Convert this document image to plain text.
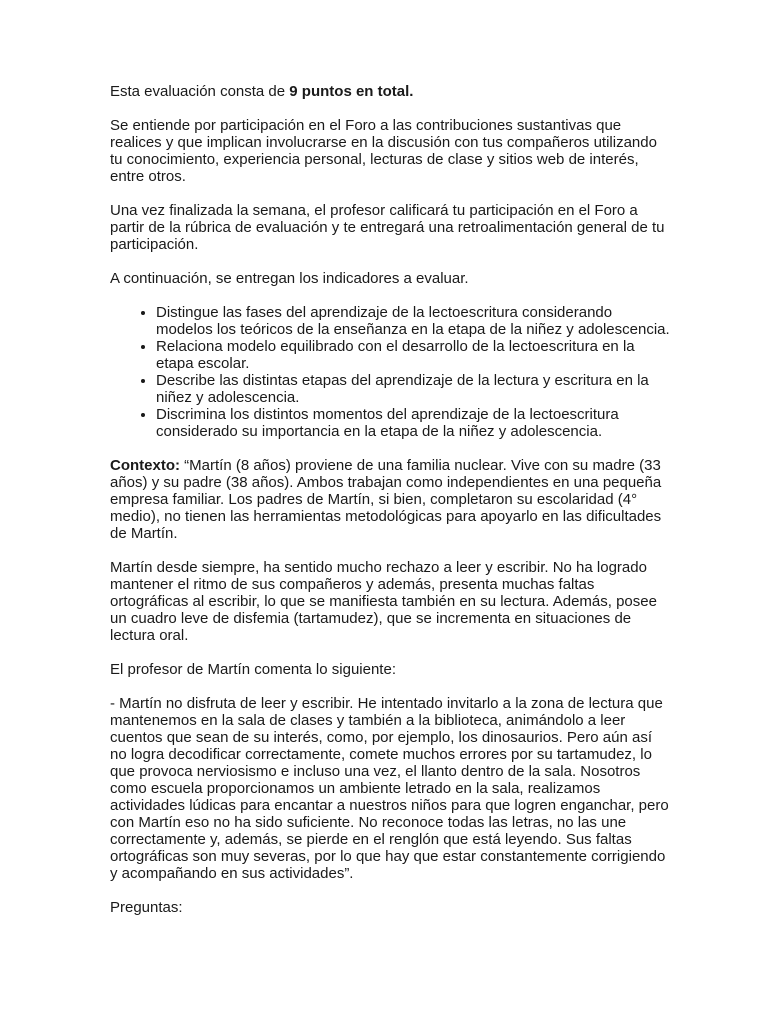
Esta evaluación consta de 9 puntos en total.

Se entiende por participación en el Foro a las contribuciones sustantivas que realices y que implican involucrarse en la discusión con tus compañeros utilizando tu conocimiento, experiencia personal, lecturas de clase y sitios web de interés, entre otros.

Una vez finalizada la semana, el profesor calificará tu participación en el Foro a partir de la rúbrica de evaluación y te entregará una retroalimentación general de tu participación.

A continuación, se entregan los indicadores a evaluar.

• Distingue las fases del aprendizaje de la lectoescritura considerando modelos los teóricos de la enseñanza en la etapa de la niñez y adolescencia.
• Relaciona modelo equilibrado con el desarrollo de la lectoescritura en la etapa escolar.
• Describe las distintas etapas del aprendizaje de la lectura y escritura en la niñez y adolescencia.
• Discrimina los distintos momentos del aprendizaje de la lectoescritura considerado su importancia en la etapa de la niñez y adolescencia.

Contexto: “Martín (8 años) proviene de una familia nuclear. Vive con su madre (33 años) y su padre (38 años). Ambos trabajan como independientes en una pequeña empresa familiar. Los padres de Martín, si bien, completaron su escolaridad (4° medio), no tienen las herramientas metodológicas para apoyarlo en las dificultades de Martín.

Martín desde siempre, ha sentido mucho rechazo a leer y escribir. No ha logrado mantener el ritmo de sus compañeros y además, presenta muchas faltas ortográficas al escribir, lo que se manifiesta también en su lectura. Además, posee un cuadro leve de disfemia (tartamudez), que se incrementa en situaciones de lectura oral.

El profesor de Martín comenta lo siguiente:

- Martín no disfruta de leer y escribir. He intentado invitarlo a la zona de lectura que mantenemos en la sala de clases y también a la biblioteca, animándolo a leer cuentos que sean de su interés, como, por ejemplo, los dinosaurios. Pero aún así no logra decodificar correctamente, comete muchos errores por su tartamudez, lo que provoca nerviosismo e incluso una vez, el llanto dentro de la sala. Nosotros como escuela proporcionamos un ambiente letrado en la sala, realizamos actividades lúdicas para encantar a nuestros niños para que logren enganchar, pero con Martín eso no ha sido suficiente. No reconoce todas las letras, no las une correctamente y, además, se pierde en el renglón que está leyendo. Sus faltas ortográficas son muy severas, por lo que hay que estar constantemente corrigiendo y acompañando en sus actividades”.

Preguntas:
